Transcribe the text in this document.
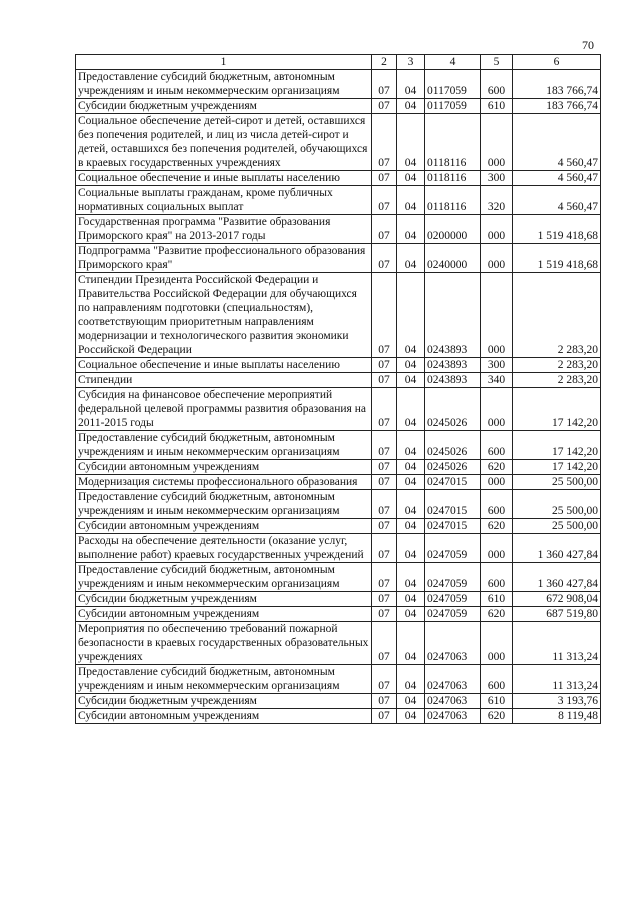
70
1	2	3	4	5	6
Предоставление субсидий бюджетным, автономным учреждениям и иным некоммерческим организациям	07	04	0117059	600	183 766,74
Субсидии бюджетным учреждениям	07	04	0117059	610	183 766,74
Социальное обеспечение детей-сирот и детей, оставшихся без попечения родителей, и лиц из числа детей-сирот и детей, оставшихся без попечения родителей, обучающихся в краевых государственных учреждениях	07	04	0118116	000	4 560,47
Социальное обеспечение и иные выплаты населению	07	04	0118116	300	4 560,47
Социальные выплаты гражданам, кроме публичных нормативных социальных выплат	07	04	0118116	320	4 560,47
Государственная программа "Развитие образования Приморского края" на 2013-2017 годы	07	04	0200000	000	1 519 418,68
Подпрограмма "Развитие профессионального образования Приморского края"	07	04	0240000	000	1 519 418,68
Стипендии Президента Российской Федерации и Правительства Российской Федерации для обучающихся по направлениям подготовки (специальностям), соответствующим приоритетным направлениям модернизации и технологического развития экономики Российской Федерации	07	04	0243893	000	2 283,20
Социальное обеспечение и иные выплаты населению	07	04	0243893	300	2 283,20
Стипендии	07	04	0243893	340	2 283,20
Субсидия на финансовое обеспечение мероприятий федеральной целевой программы развития образования на 2011-2015 годы	07	04	0245026	000	17 142,20
Предоставление субсидий бюджетным, автономным учреждениям и иным некоммерческим организациям	07	04	0245026	600	17 142,20
Субсидии автономным учреждениям	07	04	0245026	620	17 142,20
Модернизация системы профессионального образования	07	04	0247015	000	25 500,00
Предоставление субсидий бюджетным, автономным учреждениям и иным некоммерческим организациям	07	04	0247015	600	25 500,00
Субсидии автономным учреждениям	07	04	0247015	620	25 500,00
Расходы на обеспечение деятельности (оказание услуг, выполнение работ) краевых государственных учреждений	07	04	0247059	000	1 360 427,84
Предоставление субсидий бюджетным, автономным учреждениям и иным некоммерческим организациям	07	04	0247059	600	1 360 427,84
Субсидии бюджетным учреждениям	07	04	0247059	610	672 908,04
Субсидии автономным учреждениям	07	04	0247059	620	687 519,80
Мероприятия по обеспечению требований пожарной безопасности в краевых государственных образовательных учреждениях	07	04	0247063	000	11 313,24
Предоставление субсидий бюджетным, автономным учреждениям и иным некоммерческим организациям	07	04	0247063	600	11 313,24
Субсидии бюджетным учреждениям	07	04	0247063	610	3 193,76
Субсидии автономным учреждениям	07	04	0247063	620	8 119,48
